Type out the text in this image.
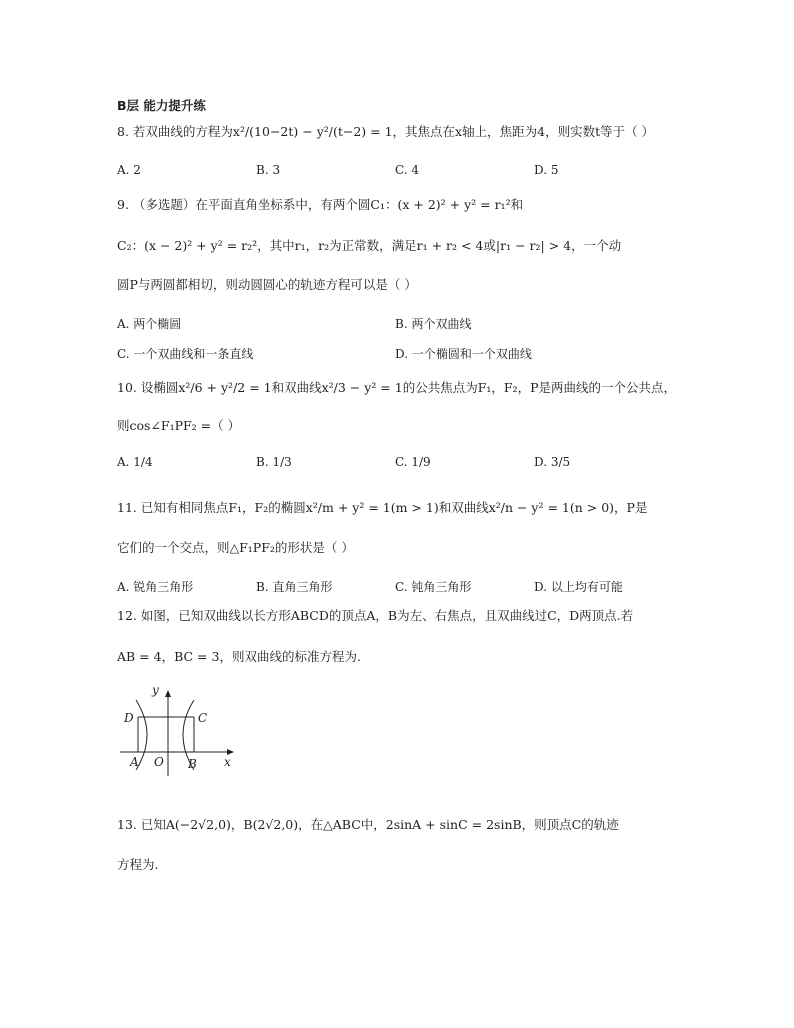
B层 能力提升练
8. 若双曲线的方程为x²/(10−2t) − y²/(t−2) = 1，其焦点在x轴上，焦距为4，则实数t等于（ ）
A. 2	B. 3	C. 4	D. 5
9. （多选题）在平面直角坐标系中，有两个圆C₁：(x + 2)² + y² = r₁²和
C₂：(x − 2)² + y² = r₂²，其中r₁，r₂为正常数，满足r₁ + r₂ < 4或|r₁ − r₂| > 4，一个动
圆P与两圆都相切，则动圆圆心的轨迹方程可以是（ ）
A. 两个椭圆	B. 两个双曲线
C. 一个双曲线和一条直线	D. 一个椭圆和一个双曲线
10. 设椭圆x²/6 + y²/2 = 1和双曲线x²/3 − y² = 1的公共焦点为F₁，F₂，P是两曲线的一个公共点，
则cos∠F₁PF₂ =（ ）
A. 1/4	B. 1/3	C. 1/9	D. 3/5
11. 已知有相同焦点F₁，F₂的椭圆x²/m + y² = 1(m > 1)和双曲线x²/n − y² = 1(n > 0)，P是
它们的一个交点，则△F₁PF₂的形状是（ ）
A. 锐角三角形	B. 直角三角形	C. 钝角三角形	D. 以上均有可能
12. 如图，已知双曲线以长方形ABCD的顶点A，B为左、右焦点，且双曲线过C，D两顶点.若
AB = 4，BC = 3，则双曲线的标准方程为.
y
D	C
A O B x
13. 已知A(−2√2,0)，B(2√2,0)，在△ABC中，2sinA + sinC = 2sinB，则顶点C的轨迹
方程为.
